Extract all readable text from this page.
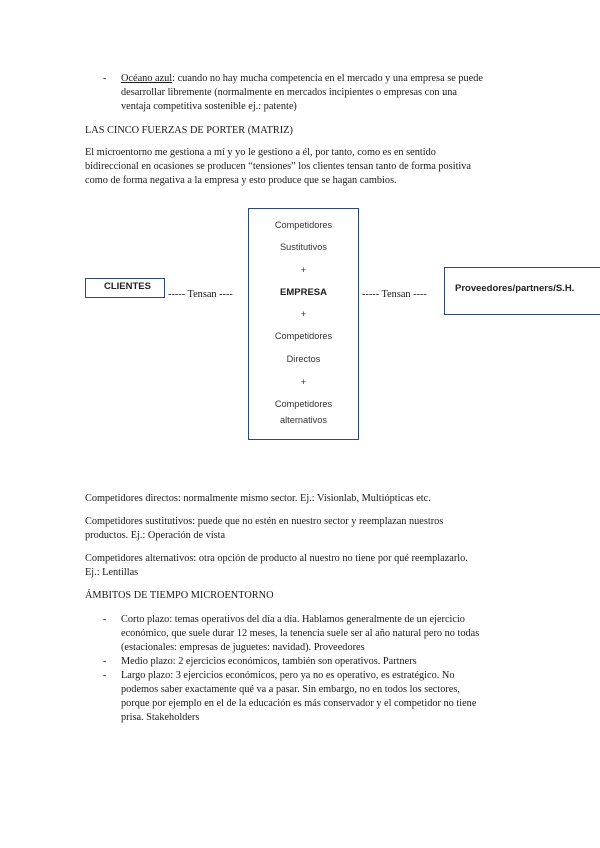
- Océano azul: cuando no hay mucha competencia en el mercado y una empresa se puede
desarrollar libremente (normalmente en mercados incipientes o empresas con una
ventaja competitiva sostenible ej.: patente)
LAS CINCO FUERZAS DE PORTER (MATRIZ)
El microentorno me gestiona a mí y yo le gestiono a él, por tanto, como es en sentido
bidireccional en ocasiones se producen “tensiones” los clientes tensan tanto de forma positiva
como de forma negativa a la empresa y esto produce que se hagan cambios.
CLIENTES
----- Tensan ----
Competidores
Sustitutivos
+
EMPRESA
+
Competidores
Directos
+
Competidores
alternativos
----- Tensan ----
Proveedores/partners/S.H.
Competidores directos: normalmente mismo sector. Ej.: Visionlab, Multiópticas etc.
Competidores sustitutivos: puede que no estén en nuestro sector y reemplazan nuestros
productos. Ej.: Operación de vista
Competidores alternativos: otra opción de producto al nuestro no tiene por qué reemplazarlo.
Ej.: Lentillas
ÁMBITOS DE TIEMPO MICROENTORNO
- Corto plazo: temas operativos del día a día. Hablamos generalmente de un ejercicio
económico, que suele durar 12 meses, la tenencia suele ser al año natural pero no todas
(estacionales: empresas de juguetes: navidad). Proveedores
- Medio plazo: 2 ejercicios económicos, también son operativos. Partners
- Largo plazo: 3 ejercicios económicos, pero ya no es operativo, es estratégico. No
podemos saber exactamente qué va a pasar. Sin embargo, no en todos los sectores,
porque por ejemplo en el de la educación es más conservador y el competidor no tiene
prisa. Stakeholders
